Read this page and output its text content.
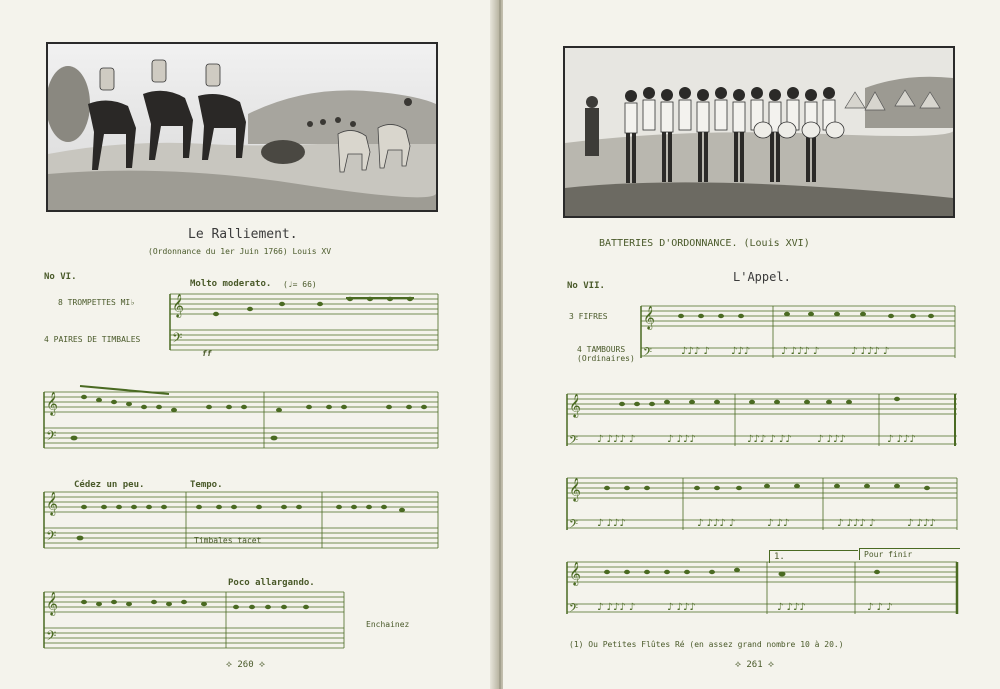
Le Ralliement.
(Ordonnance du 1er Juin 1766) Louis XV
No VI.
Molto moderato. (♩= 66)
8 TROMPETTES MI♭
4 PAIRES DE TIMBALES
ff
𝄞
𝄢
𝄞
𝄢
Cédez un peu.	Tempo.
𝄞
𝄢	Timbales tacet
Poco allargando.
𝄞
𝄢
Enchainez
⟡ 260 ⟡
BATTERIES D'ORDONNANCE. (Louis XVI)
L'Appel.
No VII.
3 FIFRES
4 TAMBOURS
(Ordinaires)
𝄞
𝄢	♪♪♪ ♪ ♪♪♪	♪ ♪♪♪ ♪	♪ ♪♪♪ ♪
𝄞
𝄢 ♪ ♪♪♪ ♪	♪ ♪♪♪	♪♪♪ ♪ ♪♪	♪ ♪♪♪	♪ ♪♪♪
𝄞
𝄢 ♪ ♪♪♪	♪ ♪♪♪ ♪	♪ ♪♪	♪ ♪♪♪ ♪	♪ ♪♪♪
1.	Pour finir
𝄞
𝄢 ♪ ♪♪♪ ♪	♪ ♪♪♪	♪ ♪♪♪	♪ ♪ ♪
(1) Ou Petites Flûtes Ré (en assez grand nombre 10 à 20.)
⟡ 261 ⟡
